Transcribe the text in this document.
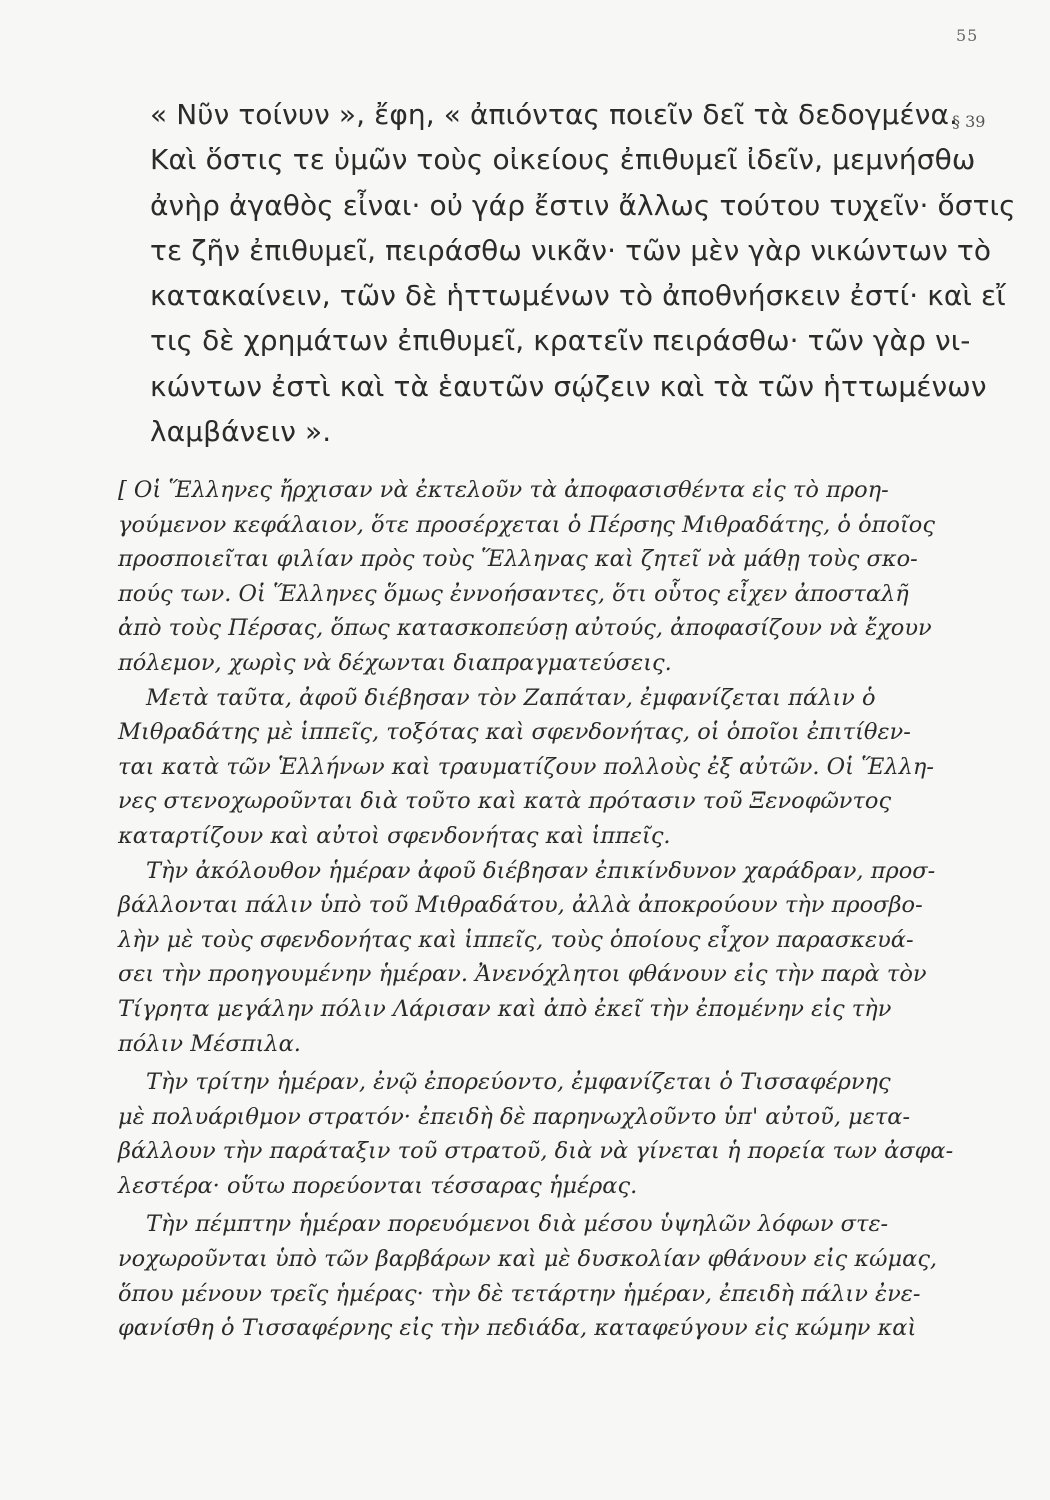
55
§ 39
« Νῦν τοίνυν », ἔφη, « ἀπιόντας ποιεῖν δεῖ τὰ δεδογμένα.
Καὶ ὅστις τε ὑμῶν τοὺς οἰκείους ἐπιθυμεῖ ἰδεῖν, μεμνήσθω
ἀνὴρ ἀγαθὸς εἶναι· οὐ γάρ ἔστιν ἄλλως τούτου τυχεῖν· ὅστις
τε ζῆν ἐπιθυμεῖ, πειράσθω νικᾶν· τῶν μὲν γὰρ νικώντων τὸ
κατακαίνειν, τῶν δὲ ἡττωμένων τὸ ἀποθνήσκειν ἐστί· καὶ εἴ
τις δὲ χρημάτων ἐπιθυμεῖ, κρατεῖν πειράσθω· τῶν γὰρ νι-
κώντων ἐστὶ καὶ τὰ ἑαυτῶν σῴζειν καὶ τὰ τῶν ἡττωμένων
λαμβάνειν ».
[ Οἱ Ἕλληνες ἤρχισαν νὰ ἐκτελοῦν τὰ ἀποφασισθέντα εἰς τὸ προη-
γούμενον κεφάλαιον, ὅτε προσέρχεται ὁ Πέρσης Μιθραδάτης, ὁ ὁποῖος
προσποιεῖται φιλίαν πρὸς τοὺς Ἕλληνας καὶ ζητεῖ νὰ μάθῃ τοὺς σκο-
πούς των. Οἱ Ἕλληνες ὅμως ἐννοήσαντες, ὅτι οὗτος εἶχεν ἀποσταλῆ
ἀπὸ τοὺς Πέρσας, ὅπως κατασκοπεύσῃ αὐτούς, ἀποφασίζουν νὰ ἔχουν
πόλεμον, χωρὶς νὰ δέχωνται διαπραγματεύσεις.
Μετὰ ταῦτα, ἀφοῦ διέβησαν τὸν Ζαπάταν, ἐμφανίζεται πάλιν ὁ
Μιθραδάτης μὲ ἱππεῖς, τοξότας καὶ σφενδονήτας, οἱ ὁποῖοι ἐπιτίθεν-
ται κατὰ τῶν Ἑλλήνων καὶ τραυματίζουν πολλοὺς ἐξ αὐτῶν. Οἱ Ἕλλη-
νες στενοχωροῦνται διὰ τοῦτο καὶ κατὰ πρότασιν τοῦ Ξενοφῶντος
καταρτίζουν καὶ αὐτοὶ σφενδονήτας καὶ ἱππεῖς.
Τὴν ἀκόλουθον ἡμέραν ἀφοῦ διέβησαν ἐπικίνδυνον χαράδραν, προσ-
βάλλονται πάλιν ὑπὸ τοῦ Μιθραδάτου, ἀλλὰ ἀποκρούουν τὴν προσβο-
λὴν μὲ τοὺς σφενδονήτας καὶ ἱππεῖς, τοὺς ὁποίους εἶχον παρασκευά-
σει τὴν προηγουμένην ἡμέραν. Ἀνενόχλητοι φθάνουν εἰς τὴν παρὰ τὸν
Τίγρητα μεγάλην πόλιν Λάρισαν καὶ ἀπὸ ἐκεῖ τὴν ἐπομένην εἰς τὴν
πόλιν Μέσπιλα.
Τὴν τρίτην ἡμέραν, ἐνῷ ἐπορεύοντο, ἐμφανίζεται ὁ Τισσαφέρνης
μὲ πολυάριθμον στρατόν· ἐπειδὴ δὲ παρηνωχλοῦντο ὑπ' αὐτοῦ, μετα-
βάλλουν τὴν παράταξιν τοῦ στρατοῦ, διὰ νὰ γίνεται ἡ πορεία των ἀσφα-
λεστέρα· οὕτω πορεύονται τέσσαρας ἡμέρας.
Τὴν πέμπτην ἡμέραν πορευόμενοι διὰ μέσου ὑψηλῶν λόφων στε-
νοχωροῦνται ὑπὸ τῶν βαρβάρων καὶ μὲ δυσκολίαν φθάνουν εἰς κώμας,
ὅπου μένουν τρεῖς ἡμέρας· τὴν δὲ τετάρτην ἡμέραν, ἐπειδὴ πάλιν ἐνε-
φανίσθη ὁ Τισσαφέρνης εἰς τὴν πεδιάδα, καταφεύγουν εἰς κώμην καὶ
